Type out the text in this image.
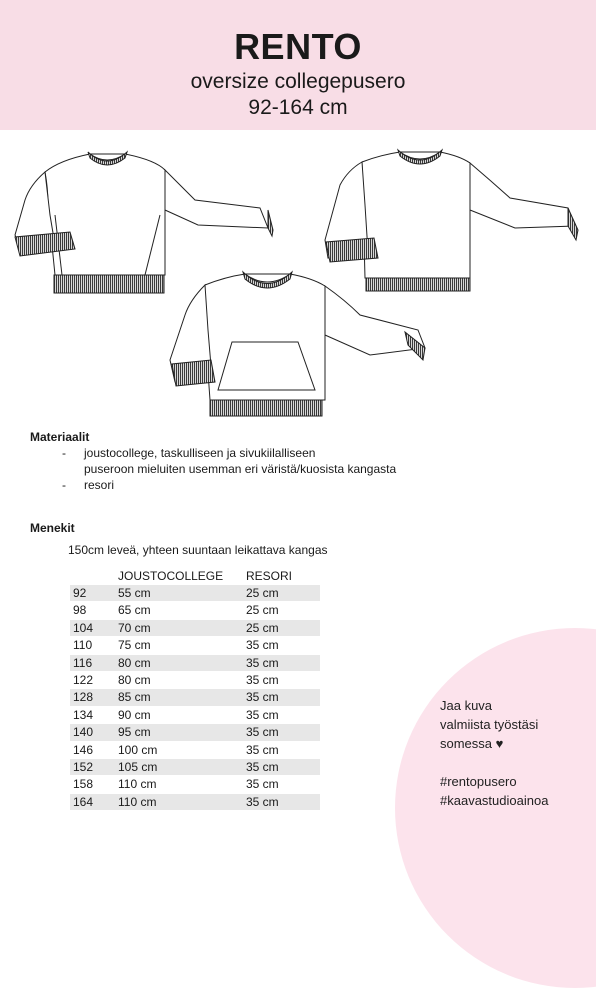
RENTO
oversize collegepusero
92-164 cm
Materiaalit
- joustocollege, taskulliseen ja sivukiilalliseen
puseroon mieluiten usemman eri väristä/kuosista kangasta
- resori
Menekit
150cm leveä, yhteen suuntaan leikattava kangas
JOUSTOCOLLEGE RESORI
92	55 cm	25 cm
98	65 cm	25 cm
104 70 cm	25 cm
110 75 cm	35 cm
116 80 cm	35 cm
122 80 cm	35 cm
128 85 cm	35 cm
134 90 cm	35 cm
140 95 cm	35 cm
146 100 cm	35 cm
152 105 cm	35 cm
158 110 cm	35 cm
164 110 cm	35 cm
Jaa kuva
valmiista työstäsi
somessa ♥
#rentopusero
#kaavastudioainoa
